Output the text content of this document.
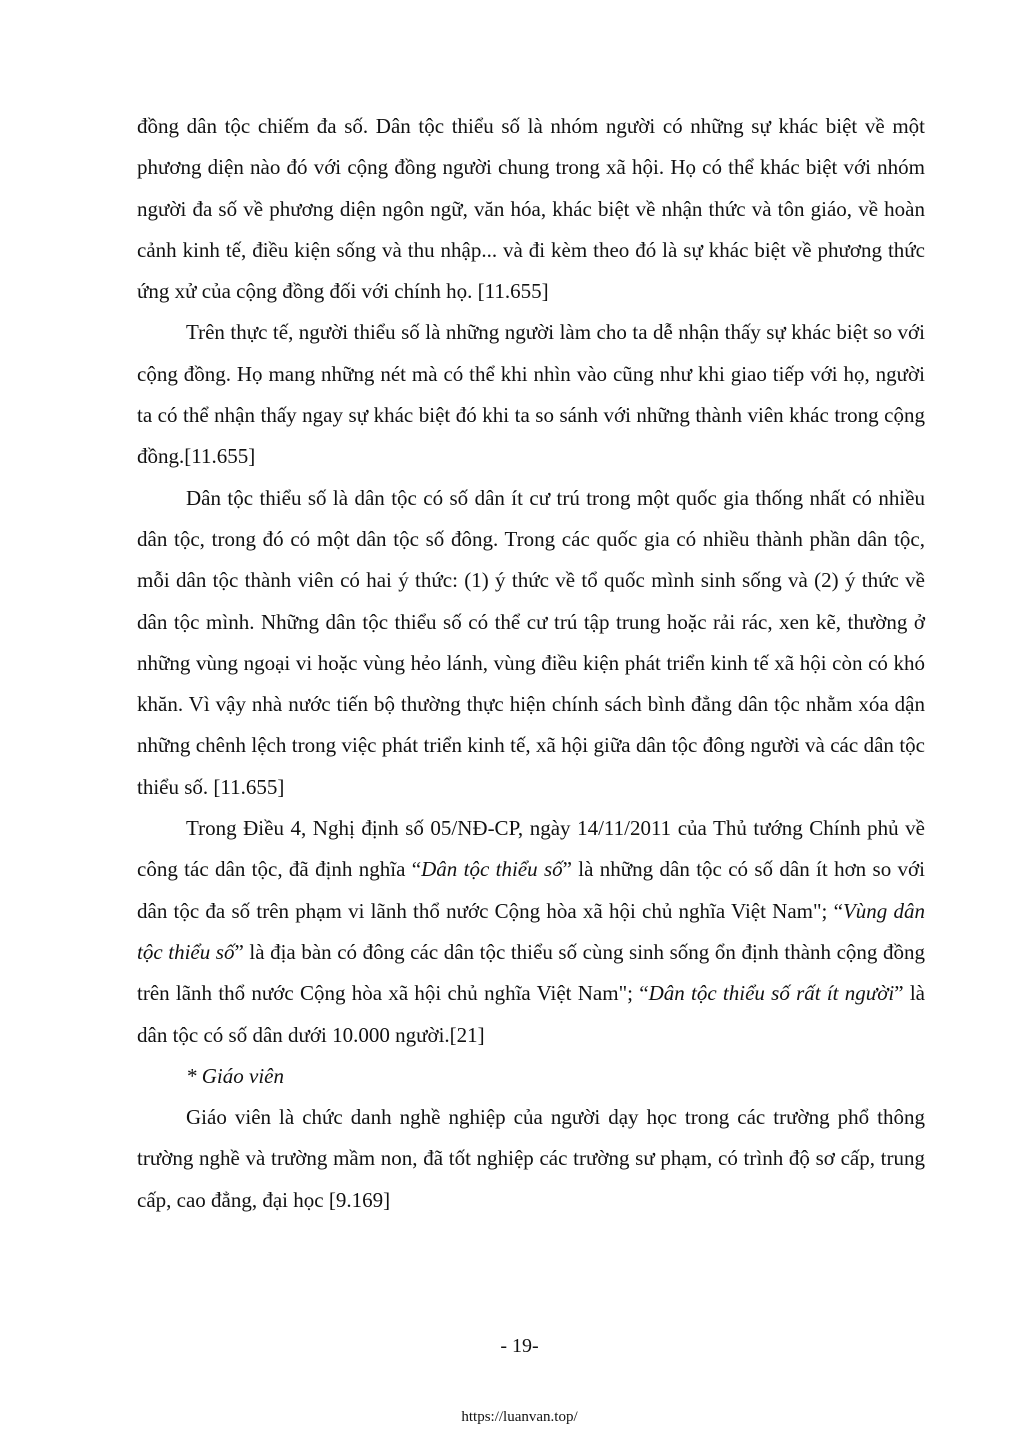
đồng dân tộc chiếm đa số. Dân tộc thiểu số là nhóm người có những sự khác biệt về một phương diện nào đó với cộng đồng người chung trong xã hội. Họ có thể khác biệt với nhóm người đa số về phương diện ngôn ngữ, văn hóa, khác biệt về nhận thức và tôn giáo, về hoàn cảnh kinh tế, điều kiện sống và thu nhập... và đi kèm theo đó là sự khác biệt về phương thức ứng xử của cộng đồng đối với chính họ. [11.655]

Trên thực tế, người thiểu số là những người làm cho ta dễ nhận thấy sự khác biệt so với cộng đồng. Họ mang những nét mà có thể khi nhìn vào cũng như khi giao tiếp với họ, người ta có thể nhận thấy ngay sự khác biệt đó khi ta so sánh với những thành viên khác trong cộng đồng.[11.655]

Dân tộc thiểu số là dân tộc có số dân ít cư trú trong một quốc gia thống nhất có nhiều dân tộc, trong đó có một dân tộc số đông. Trong các quốc gia có nhiều thành phần dân tộc, mỗi dân tộc thành viên có hai ý thức: (1) ý thức về tổ quốc mình sinh sống và (2) ý thức về dân tộc mình. Những dân tộc thiểu số có thể cư trú tập trung hoặc rải rác, xen kẽ, thường ở những vùng ngoại vi hoặc vùng hẻo lánh, vùng điều kiện phát triển kinh tế xã hội còn có khó khăn. Vì vậy nhà nước tiến bộ thường thực hiện chính sách bình đẳng dân tộc nhằm xóa dận những chênh lệch trong việc phát triển kinh tế, xã hội giữa dân tộc đông người và các dân tộc thiểu số. [11.655]

Trong Điều 4, Nghị định số 05/NĐ-CP, ngày 14/11/2011 của Thủ tướng Chính phủ về công tác dân tộc, đã định nghĩa “Dân tộc thiểu số” là những dân tộc có số dân ít hơn so với dân tộc đa số trên phạm vi lãnh thổ nước Cộng hòa xã hội chủ nghĩa Việt Nam"; “Vùng dân tộc thiểu số” là địa bàn có đông các dân tộc thiểu số cùng sinh sống ổn định thành cộng đồng trên lãnh thổ nước Cộng hòa xã hội chủ nghĩa Việt Nam"; “Dân tộc thiểu số rất ít người” là dân tộc có số dân dưới 10.000 người.[21]

* Giáo viên

Giáo viên là chức danh nghề nghiệp của người dạy học trong các trường phổ thông trường nghề và trường mầm non, đã tốt nghiệp các trường sư phạm, có trình độ sơ cấp, trung cấp, cao đẳng, đại học [9.169]

- 19-
https://luanvan.top/
